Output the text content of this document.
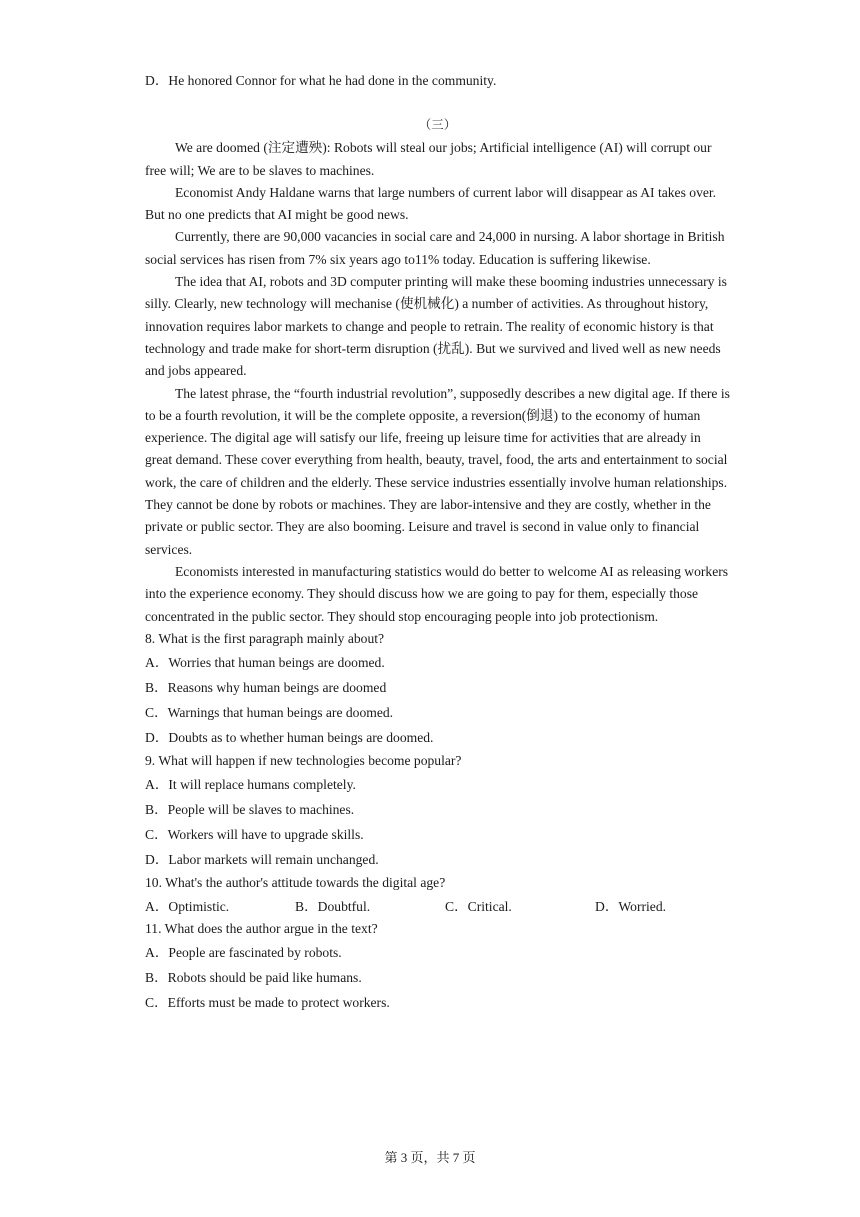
D．He honored Connor for what he had done in the community.

（三）

We are doomed (注定遭殃): Robots will steal our jobs; Artificial intelligence (AI) will corrupt our free will; We are to be slaves to machines.

Economist Andy Haldane warns that large numbers of current labor will disappear as AI takes over. But no one predicts that AI might be good news.

Currently, there are 90,000 vacancies in social care and 24,000 in nursing. A labor shortage in British social services has risen from 7% six years ago to11% today. Education is suffering likewise.

The idea that AI, robots and 3D computer printing will make these booming industries unnecessary is silly. Clearly, new technology will mechanise (使机械化) a number of activities. As throughout history, innovation requires labor markets to change and people to retrain. The reality of economic history is that technology and trade make for short-term disruption (扰乱). But we survived and lived well as new needs and jobs appeared.

The latest phrase, the “fourth industrial revolution”, supposedly describes a new digital age. If there is to be a fourth revolution, it will be the complete opposite, a reversion(倒退) to the economy of human experience. The digital age will satisfy our life, freeing up leisure time for activities that are already in great demand. These cover everything from health, beauty, travel, food, the arts and entertainment to social work, the care of children and the elderly. These service industries essentially involve human relationships. They cannot be done by robots or machines. They are labor-intensive and they are costly, whether in the private or public sector. They are also booming. Leisure and travel is second in value only to financial services.

Economists interested in manufacturing statistics would do better to welcome AI as releasing workers into the experience economy. They should discuss how we are going to pay for them, especially those concentrated in the public sector. They should stop encouraging people into job protectionism.

8. What is the first paragraph mainly about?

A．Worries that human beings are doomed.

B．Reasons why human beings are doomed

C．Warnings that human beings are doomed.

D．Doubts as to whether human beings are doomed.

9. What will happen if new technologies become popular?

A．It will replace humans completely.

B．People will be slaves to machines.

C．Workers will have to upgrade skills.

D．Labor markets will remain unchanged.

10. What's the author's attitude towards the digital age?

A．Optimistic.	B．Doubtful.	C．Critical.	D．Worried.

11. What does the author argue in the text?

A．People are fascinated by robots.

B．Robots should be paid like humans.

C．Efforts must be made to protect workers.

第 3 页，共 7 页
